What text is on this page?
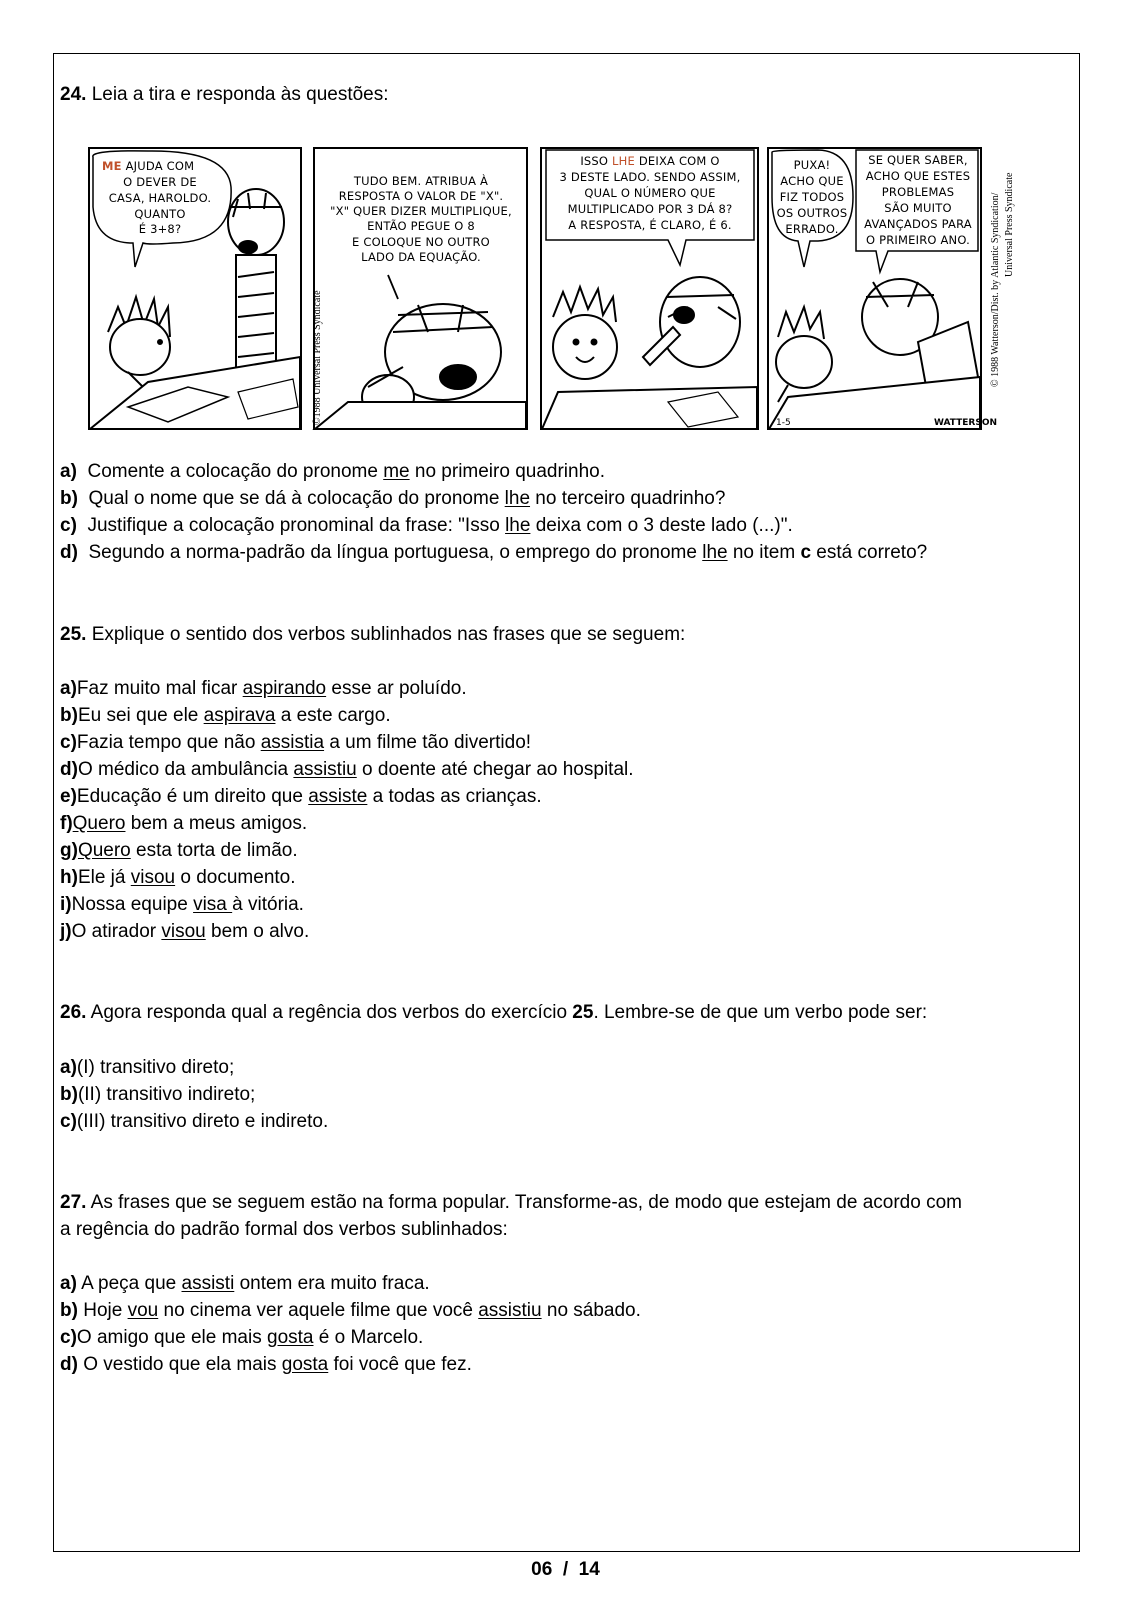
24. Leia a tira e responda às questões:
ME AJUDA COM
O DEVER DE
CASA, HAROLDO.
QUANTO
É 3+8?
©1988 Universal Press Syndicate
TUDO BEM. ATRIBUA À
RESPOSTA O VALOR DE "X".
"X" QUER DIZER MULTIPLIQUE,
ENTÃO PEGUE O 8
E COLOQUE NO OUTRO
LADO DA EQUAÇÃO.
ISSO LHE DEIXA COM O
3 DESTE LADO. SENDO ASSIM,
QUAL O NÚMERO QUE
MULTIPLICADO POR 3 DÁ 8?
A RESPOSTA, É CLARO, É 6.
PUXA!
ACHO QUE
FIZ TODOS
OS OUTROS
ERRADO.
SE QUER SABER,
ACHO QUE ESTES
PROBLEMAS
SÃO MUITO
AVANÇADOS PARA
O PRIMEIRO ANO.
1-5	WATTERSON
© 1988 Watterson/Dist. by Atlantic Syndication/ Universal Press Syndicate
a) Comente a colocação do pronome me no primeiro quadrinho.
b) Qual o nome que se dá à colocação do pronome lhe no terceiro quadrinho?
c) Justifique a colocação pronominal da frase: "Isso lhe deixa com o 3 deste lado (...)".
d) Segundo a norma-padrão da língua portuguesa, o emprego do pronome lhe no item c está correto?
25. Explique o sentido dos verbos sublinhados nas frases que se seguem:
a)Faz muito mal ficar aspirando esse ar poluído.
b)Eu sei que ele aspirava a este cargo.
c)Fazia tempo que não assistia a um filme tão divertido!
d)O médico da ambulância assistiu o doente até chegar ao hospital.
e)Educação é um direito que assiste a todas as crianças.
f)Quero bem a meus amigos.
g)Quero esta torta de limão.
h)Ele já visou o documento.
i)Nossa equipe visa à vitória.
j)O atirador visou bem o alvo.
26. Agora responda qual a regência dos verbos do exercício 25. Lembre-se de que um verbo pode ser:
a)(I) transitivo direto;
b)(II) transitivo indireto;
c)(III) transitivo direto e indireto.
27. As frases que se seguem estão na forma popular. Transforme-as, de modo que estejam de acordo com
a regência do padrão formal dos verbos sublinhados:
a) A peça que assisti ontem era muito fraca.
b) Hoje vou no cinema ver aquele filme que você assistiu no sábado.
c)O amigo que ele mais gosta é o Marcelo.
d) O vestido que ela mais gosta foi você que fez.
06  /  14
